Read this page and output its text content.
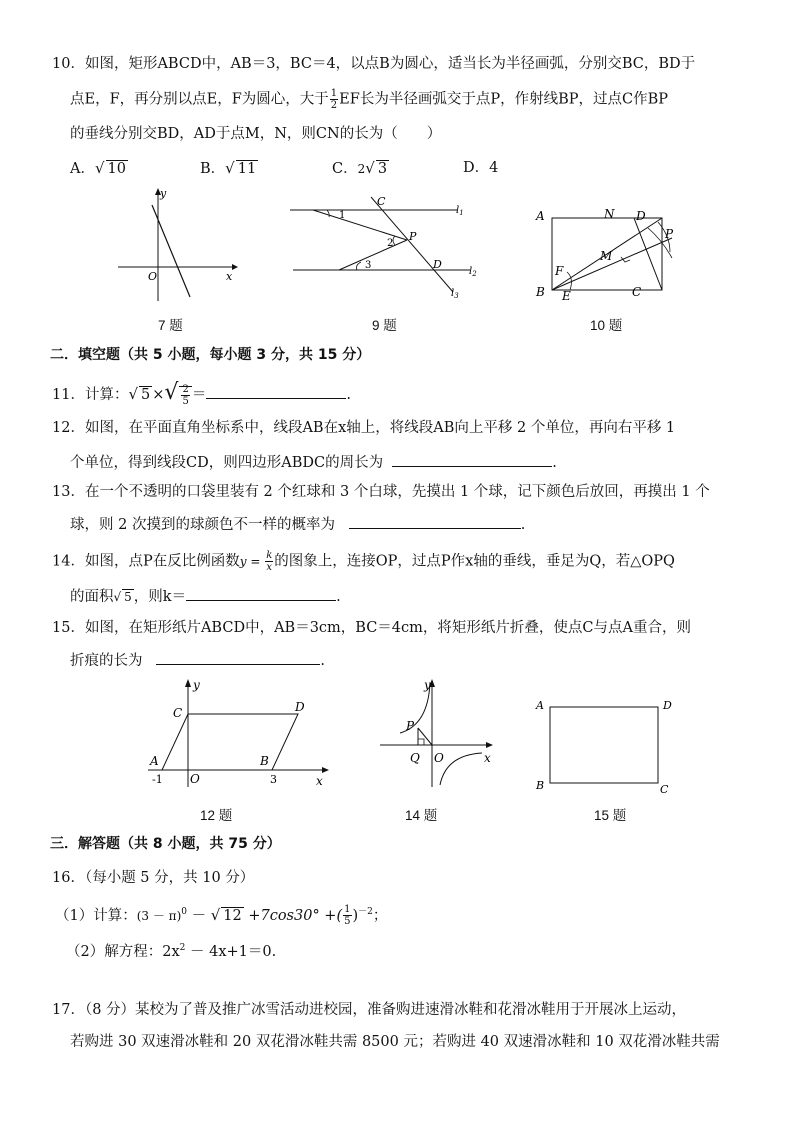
10．如图，矩形ABCD中，AB＝3，BC＝4，以点B为圆心，适当长为半径画弧，分别交BC，BD于
点E，F，再分别以点E，F为圆心，大于 $\frac{1}{2}$ EF长为半径画弧交于点P，作射线BP，过点C作BP
的垂线分别交BD，AD于点M，N，则CN的长为（　　）
A．√ 10	B．√ 11	C．2√ 3	D．4
y
x
O
7 题
C
1
2
P
3	D
$l_1$
$l_2$
$l_3$
9 题
A	N D
P
M
F
B E	C
10 题
二．填空题（共 5 小题，每小题 3 分，共 15 分）
11．计算：√ 5 ×√ $\frac{2}{5}$ ＝	.
12．如图，在平面直角坐标系中，线段AB在x轴上，将线段AB向上平移 2 个单位，再向右平移 1
个单位，得到线段CD，则四边形ABDC的周长为	.
13．在一个不透明的口袋里装有 2 个红球和 3 个白球，先摸出 1 个球，记下颜色后放回，再摸出 1 个
球，则 2 次摸到的球颜色不一样的概率为	.
14．如图，点P在反比例函数$y = \frac{k}{x}$ 的图象上，连接OP，过点P作x轴的垂线，垂足为Q，若△OPQ
的面积√ 5 ，则k＝	.
15．如图，在矩形纸片ABCD中，AB＝3cm，BC＝4cm，将矩形纸片折叠，使点C与点A重合，则
折痕的长为	.
y
C	D
A	B
-1 O	3	x
12 题
y
P
Q O	x
14 题
A	D
B	C
15 题
三．解答题（共 8 小题，共 75 分）
16．（每小题 5 分，共 10 分）
（1）计算：$(3 - \pi)^0$ － √ 12 +7cos30° +( $\frac{1}{5} )^{-2}$；
（2）解方程：$2x^2 - 4x+1=0$.
17．（8 分）某校为了普及推广冰雪活动进校园，准备购进速滑冰鞋和花滑冰鞋用于开展冰上运动，
若购进 30 双速滑冰鞋和 20 双花滑冰鞋共需 8500 元；若购进 40 双速滑冰鞋和 10 双花滑冰鞋共需
